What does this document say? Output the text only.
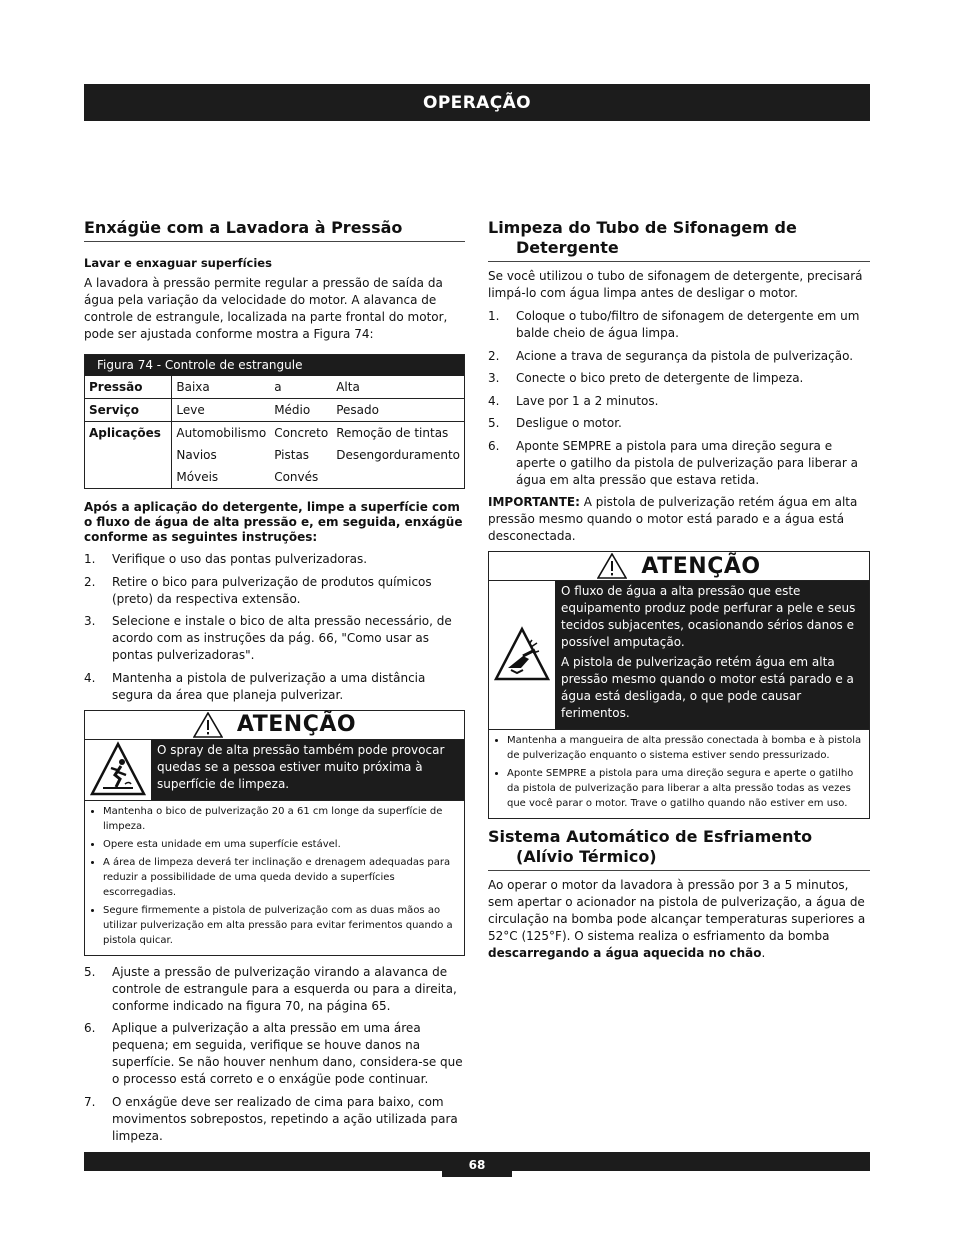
OPERAÇÃO
Enxágüe com a Lavadora à Pressão
Lavar e enxaguar superfícies

A lavadora à pressão permite regular a pressão de saída da água pela variação da velocidade do motor. A alavanca de controle de estrangule, localizada na parte frontal do motor, pode ser ajustada conforme mostra a Figura 74:

Figura 74 - Controle de estrangule
Pressão	Baixa	a	Alta
Serviço	Leve	Médio	Pesado
Aplicações	Automobilismo	Concreto	Remoção de tintas
	Navios	Pistas	Desengorduramento
	Móveis	Convés	
Após a aplicação do detergente, limpe a superfície com o fluxo de água de alta pressão e, em seguida, enxágüe conforme as seguintes instruções:
1. Verifique o uso das pontas pulverizadoras.
2. Retire o bico para pulverização de produtos químicos (preto) da respectiva extensão.
3. Selecione e instale o bico de alta pressão necessário, de acordo com as instruções da pág. 66, "Como usar as pontas pulverizadoras".
4. Mantenha a pistola de pulverização a uma distância segura da área que planeja pulverizar.
ATENÇÃO

O spray de alta pressão também pode provocar quedas se a pessoa estiver muito próxima à superfície de limpeza.

• Mantenha o bico de pulverização 20 a 61 cm longe da superfície de limpeza.
• Opere esta unidade em uma superfície estável.
• A área de limpeza deverá ter inclinação e drenagem adequadas para reduzir a possibilidade de uma queda devido a superfícies escorregadias.
• Segure firmemente a pistola de pulverização com as duas mãos ao utilizar pulverização em alta pressão para evitar ferimentos quando a pistola quicar.
5. Ajuste a pressão de pulverização virando a alavanca de controle de estrangule para a esquerda ou para a direita, conforme indicado na figura 70, na página 65.
6. Aplique a pulverização a alta pressão em uma área pequena; em seguida, verifique se houve danos na superfície. Se não houver nenhum dano, considera-se que o processo está correto e o enxágüe pode continuar.
7. O enxágüe deve ser realizado de cima para baixo, com movimentos sobrepostos, repetindo a ação utilizada para limpeza.
Limpeza do Tubo de Sifonagem de Detergente

Se você utilizou o tubo de sifonagem de detergente, precisará limpá-lo com água limpa antes de desligar o motor.

1. Coloque o tubo/filtro de sifonagem de detergente em um balde cheio de água limpa.
2. Acione a trava de segurança da pistola de pulverização.
3. Conecte o bico preto de detergente de limpeza.
4. Lave por 1 a 2 minutos.
5. Desligue o motor.
6. Aponte SEMPRE a pistola para uma direção segura e aperte o gatilho da pistola de pulverização para liberar a água em alta pressão que estava retida.

IMPORTANTE: A pistola de pulverização retém água em alta pressão mesmo quando o motor está parado e a água está desconectada.

ATENÇÃO

O fluxo de água a alta pressão que este equipamento produz pode perfurar a pele e seus tecidos subjacentes, ocasionando sérios danos e possível amputação.

A pistola de pulverização retém água em alta pressão mesmo quando o motor está parado e a água está desligada, o que pode causar ferimentos.

• Mantenha a mangueira de alta pressão conectada à bomba e à pistola de pulverização enquanto o sistema estiver sendo pressurizado.
• Aponte SEMPRE a pistola para uma direção segura e aperte o gatilho da pistola de pulverização para liberar a alta pressão todas as vezes que você parar o motor. Trave o gatilho quando não estiver em uso.
Sistema Automático de Esfriamento (Alívio Térmico)

Ao operar o motor da lavadora à pressão por 3 a 5 minutos, sem apertar o acionador na pistola de pulverização, a água de circulação na bomba pode alcançar temperaturas superiores a 52°C (125°F). O sistema realiza o esfriamento da bomba descarregando a água aquecida no chão.

68
